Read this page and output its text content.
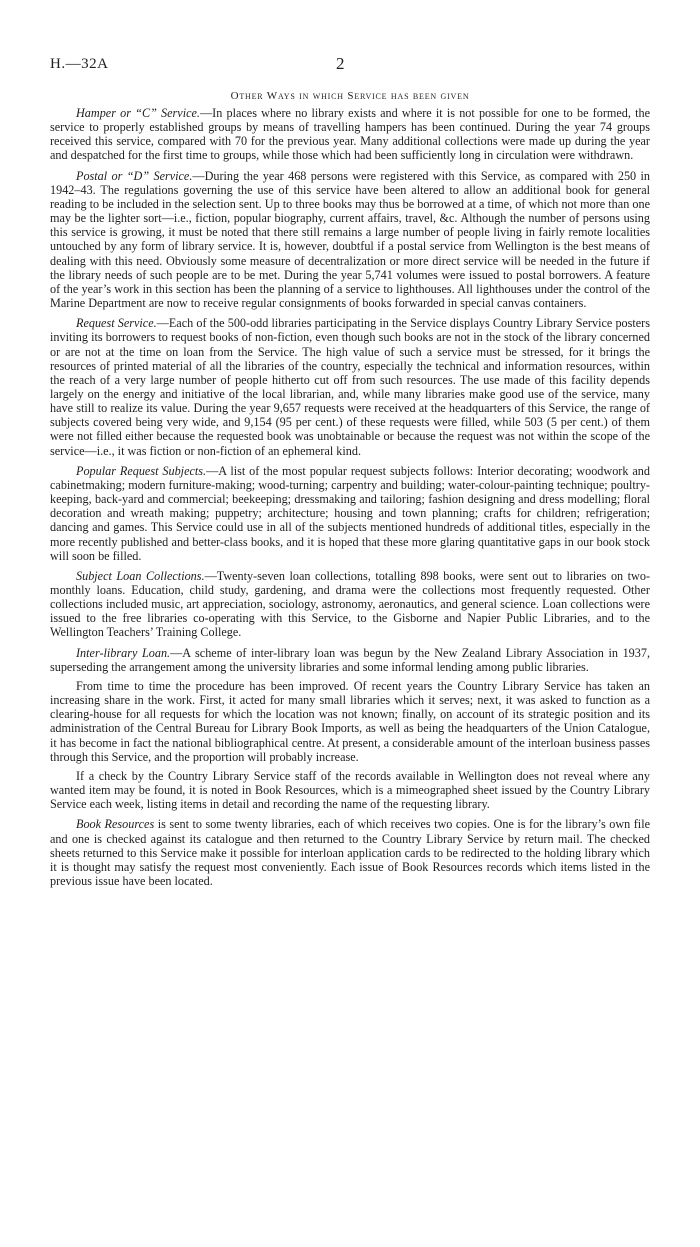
H.—32A	2
Other Ways in which Service has been given

Hamper or “C” Service.—In places where no library exists and where it is not possible for one to be formed, the service to properly established groups by means of travelling hampers has been continued. During the year 74 groups received this service, compared with 70 for the previous year. Many additional collections were made up during the year and despatched for the first time to groups, while those which had been sufficiently long in circulation were withdrawn.

Postal or “D” Service.—During the year 468 persons were registered with this Service, as compared with 250 in 1942–43. The regulations governing the use of this service have been altered to allow an additional book for general reading to be included in the selection sent. Up to three books may thus be borrowed at a time, of which not more than one may be the lighter sort—i.e., fiction, popular biography, current affairs, travel, &c. Although the number of persons using this service is growing, it must be noted that there still remains a large number of people living in fairly remote localities untouched by any form of library service. It is, however, doubtful if a postal service from Wellington is the best means of dealing with this need. Obviously some measure of decentralization or more direct service will be needed in the future if the library needs of such people are to be met. During the year 5,741 volumes were issued to postal borrowers. A feature of the year’s work in this section has been the planning of a service to lighthouses. All lighthouses under the control of the Marine Department are now to receive regular consignments of books forwarded in special canvas containers.

Request Service.—Each of the 500-odd libraries participating in the Service displays Country Library Service posters inviting its borrowers to request books of non-fiction, even though such books are not in the stock of the library concerned or are not at the time on loan from the Service. The high value of such a service must be stressed, for it brings the resources of printed material of all the libraries of the country, especially the technical and information resources, within the reach of a very large number of people hitherto cut off from such resources. The use made of this facility depends largely on the energy and initiative of the local librarian, and, while many libraries make good use of the service, many have still to realize its value. During the year 9,657 requests were received at the headquarters of this Service, the range of subjects covered being very wide, and 9,154 (95 per cent.) of these requests were filled, while 503 (5 per cent.) of them were not filled either because the requested book was unobtainable or because the request was not within the scope of the service—i.e., it was fiction or non-fiction of an ephemeral kind.

Popular Request Subjects.—A list of the most popular request subjects follows: Interior decorating; woodwork and cabinetmaking; modern furniture-making; wood-turning; carpentry and building; water-colour-painting technique; poultry-keeping, back-yard and commercial; beekeeping; dressmaking and tailoring; fashion designing and dress modelling; floral decoration and wreath making; puppetry; architecture; housing and town planning; crafts for children; refrigeration; dancing and games. This Service could use in all of the subjects mentioned hundreds of additional titles, especially in the more recently published and better-class books, and it is hoped that these more glaring quantitative gaps in our book stock will soon be filled.

Subject Loan Collections.—Twenty-seven loan collections, totalling 898 books, were sent out to libraries on two-monthly loans. Education, child study, gardening, and drama were the collections most frequently requested. Other collections included music, art appreciation, sociology, astronomy, aeronautics, and general science. Loan collections were issued to the free libraries co-operating with this Service, to the Gisborne and Napier Public Libraries, and to the Wellington Teachers’ Training College.

Inter-library Loan.—A scheme of inter-library loan was begun by the New Zealand Library Association in 1937, superseding the arrangement among the university libraries and some informal lending among public libraries.

From time to time the procedure has been improved. Of recent years the Country Library Service has taken an increasing share in the work. First, it acted for many small libraries which it serves; next, it was asked to function as a clearing-house for all requests for which the location was not known; finally, on account of its strategic position and its administration of the Central Bureau for Library Book Imports, as well as being the headquarters of the Union Catalogue, it has become in fact the national bibliographical centre. At present, a considerable amount of the interloan business passes through this Service, and the proportion will probably increase.

If a check by the Country Library Service staff of the records available in Wellington does not reveal where any wanted item may be found, it is noted in Book Resources, which is a mimeographed sheet issued by the Country Library Service each week, listing items in detail and recording the name of the requesting library.

Book Resources is sent to some twenty libraries, each of which receives two copies. One is for the library’s own file and one is checked against its catalogue and then returned to the Country Library Service by return mail. The checked sheets returned to this Service make it possible for interloan application cards to be redirected to the holding library which it is thought may satisfy the request most conveniently. Each issue of Book Resources records which items listed in the previous issue have been located.
